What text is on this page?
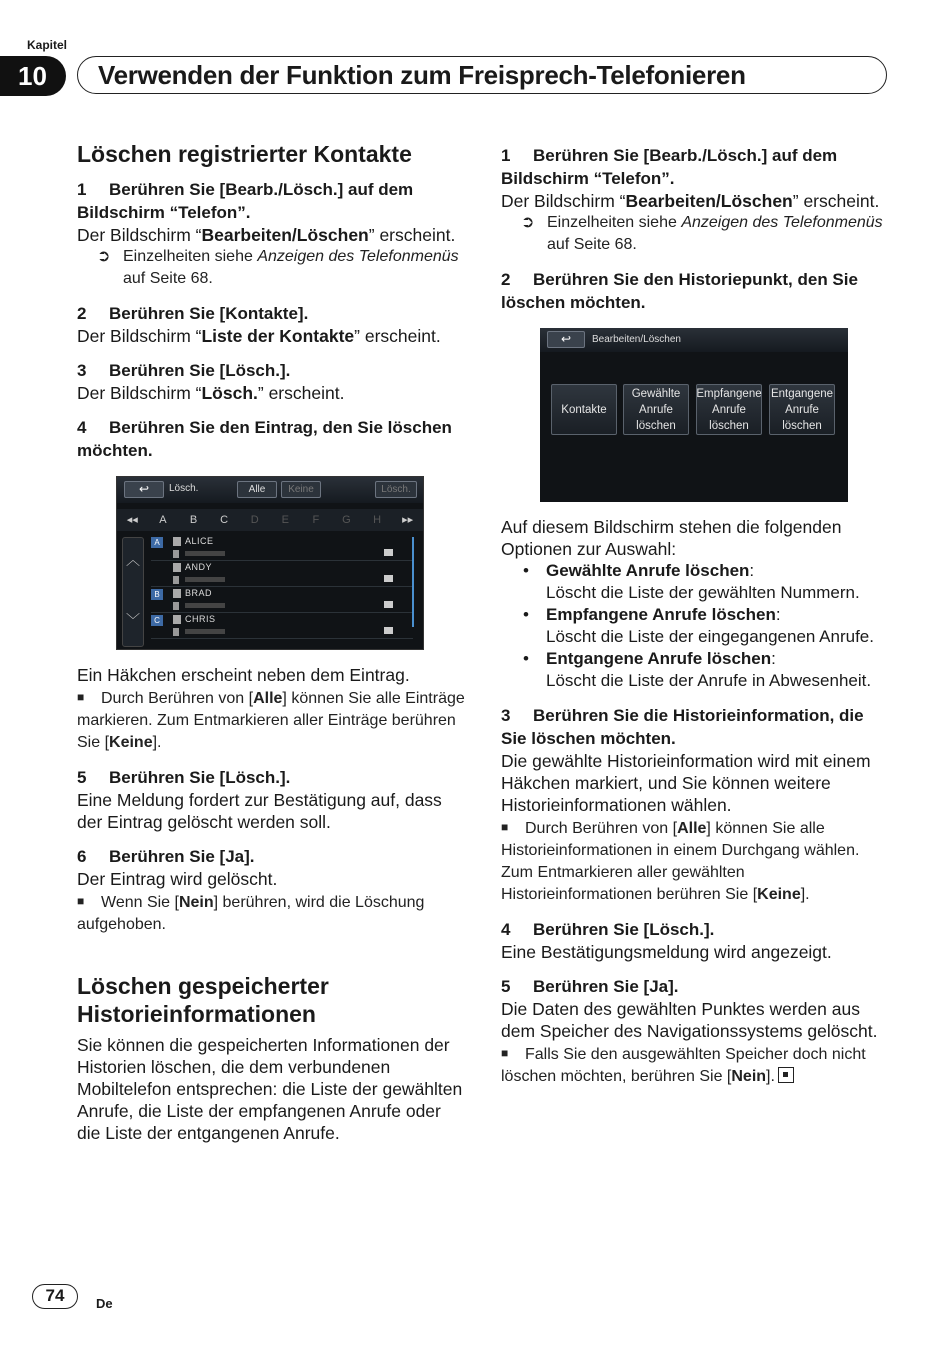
Kapitel
10 Verwenden der Funktion zum Freisprech-Telefonieren
Löschen registrierter Kontakte
1 Berühren Sie [Bearb./Lösch.] auf dem Bildschirm “Telefon”.
Der Bildschirm “Bearbeiten/Löschen” erscheint.
➲ Einzelheiten siehe Anzeigen des Telefonmenüs auf Seite 68.
2 Berühren Sie [Kontakte].
Der Bildschirm “Liste der Kontakte” erscheint.
3 Berühren Sie [Lösch.].
Der Bildschirm “Lösch.” erscheint.
4 Berühren Sie den Eintrag, den Sie löschen möchten.
↩	Lösch.	Alle	Keine	Lösch.
◂◂	A	B	C	D	E	F	G	H	▸▸
︿
﹀
A	ALICE
ANDY
B	BRAD
C	CHRIS
Ein Häkchen erscheint neben dem Eintrag.
■ Durch Berühren von [Alle] können Sie alle Einträge markieren. Zum Entmarkieren aller Einträge berühren Sie [Keine].
5 Berühren Sie [Lösch.].
Eine Meldung fordert zur Bestätigung auf, dass der Eintrag gelöscht werden soll.
6 Berühren Sie [Ja].
Der Eintrag wird gelöscht.
■ Wenn Sie [Nein] berühren, wird die Löschung aufgehoben.
Löschen gespeicherter Historieinformationen
Sie können die gespeicherten Informationen der Historien löschen, die dem verbundenen Mobiltelefon entsprechen: die Liste der gewählten Anrufe, die Liste der empfangenen Anrufe oder die Liste der entgangenen Anrufe.
1 Berühren Sie [Bearb./Lösch.] auf dem Bildschirm “Telefon”.
Der Bildschirm “Bearbeiten/Löschen” erscheint.
➲ Einzelheiten siehe Anzeigen des Telefonmenüs auf Seite 68.
2 Berühren Sie den Historiepunkt, den Sie löschen möchten.
↩	Bearbeiten/Löschen
Kontakte
Gewählte Anrufe löschen
Empfangene Anrufe löschen
Entgangene Anrufe löschen
Auf diesem Bildschirm stehen die folgenden Optionen zur Auswahl:
• Gewählte Anrufe löschen:
Löscht die Liste der gewählten Nummern.
• Empfangene Anrufe löschen:
Löscht die Liste der eingegangenen Anrufe.
• Entgangene Anrufe löschen:
Löscht die Liste der Anrufe in Abwesenheit.
3 Berühren Sie die Historieinformation, die Sie löschen möchten.
Die gewählte Historieinformation wird mit einem Häkchen markiert, und Sie können weitere Historieinformationen wählen.
■ Durch Berühren von [Alle] können Sie alle Historieinformationen in einem Durchgang wählen. Zum Entmarkieren aller gewählten Historieinformationen berühren Sie [Keine].
4 Berühren Sie [Lösch.].
Eine Bestätigungsmeldung wird angezeigt.
5 Berühren Sie [Ja].
Die Daten des gewählten Punktes werden aus dem Speicher des Navigationssystems gelöscht.
■ Falls Sie den ausgewählten Speicher doch nicht löschen möchten, berühren Sie [Nein].
74	De
